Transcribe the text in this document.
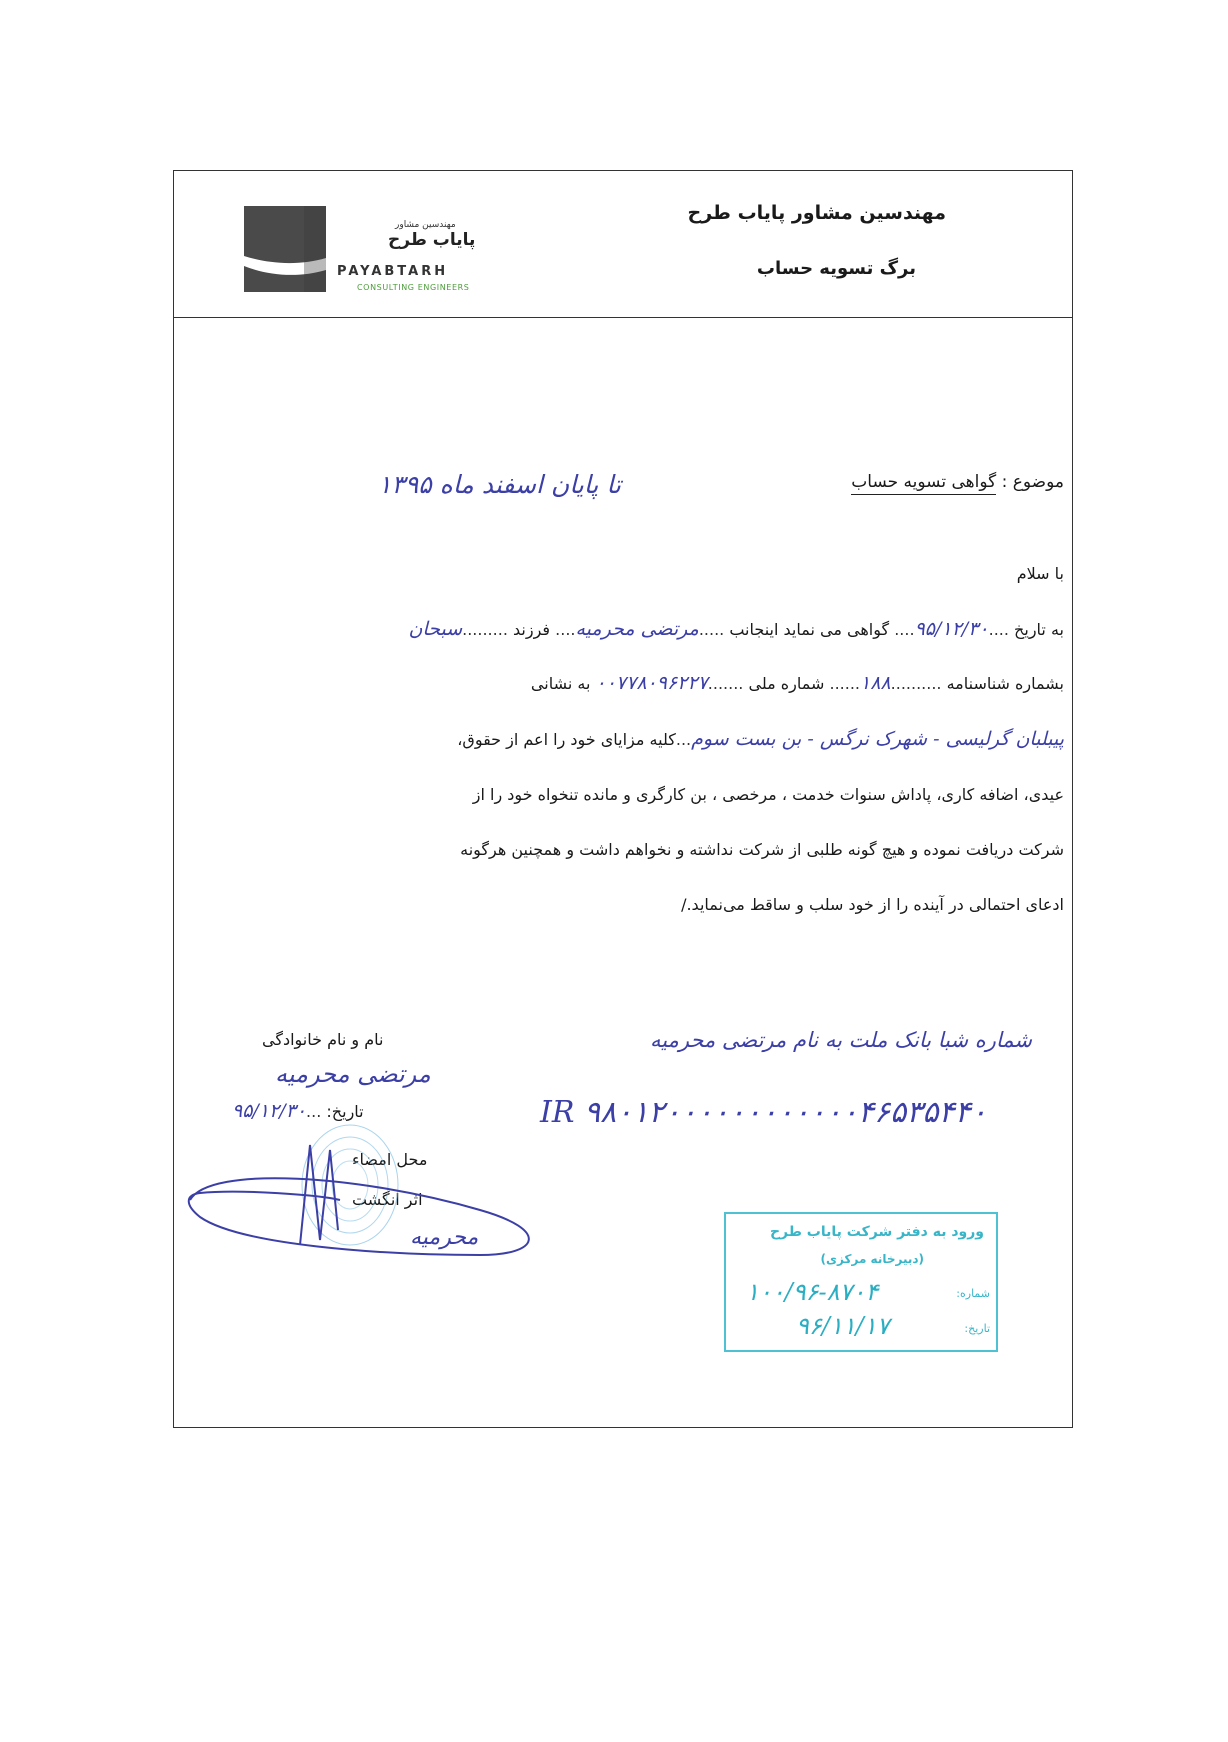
مهندسین مشاور پایاب طرح
برگ تسویه حساب
مهندسین مشاور
پایاب طرح
PAYABTARH
CONSULTING ENGINEERS
موضوع : گواهی تسویه حساب
تا پایان اسفند ماه ۱۳۹۵
با سلام
به تاریخ ....۹۵/۱۲/۳۰.... گواهی می نماید اینجانب .....مرتضی محرمیه.... فرزند .........سبحان
بشماره شناسنامه ..........۱۸۸...... شماره ملی .......۰۰۷۷۸۰۹۶۲۲۷ به نشانی
پیبلبان گرلیسی - شهرک نرگس - بن بست سوم...کلیه مزایای خود را اعم از حقوق،
عیدی، اضافه کاری، پاداش سنوات خدمت ، مرخصی ، بن کارگری و مانده تنخواه خود را از
شرکت دریافت نموده و هیچ گونه طلبی از شرکت نداشته و نخواهم داشت و همچنین هرگونه
ادعای احتمالی در آینده را از خود سلب و ساقط می‌نماید./
نام و نام خانوادگی
مرتضی محرمیه
تاریخ: ...۹۵/۱۲/۳۰
محل امضاء
اثر انگشت
محرمیه
شماره شبا بانک ملت به نام مرتضی محرمیه
IR ۹۸۰۱۲۰۰۰۰۰۰۰۰۰۰۰۰۴۶۵۳۵۴۴۰
ورود به دفتر شرکت پایاب طرح
(دبیرخانه مرکزی)
شماره:
۱۰۰/۹۶-۸۷۰۴
تاریخ:
۹۶/۱۱/۱۷
